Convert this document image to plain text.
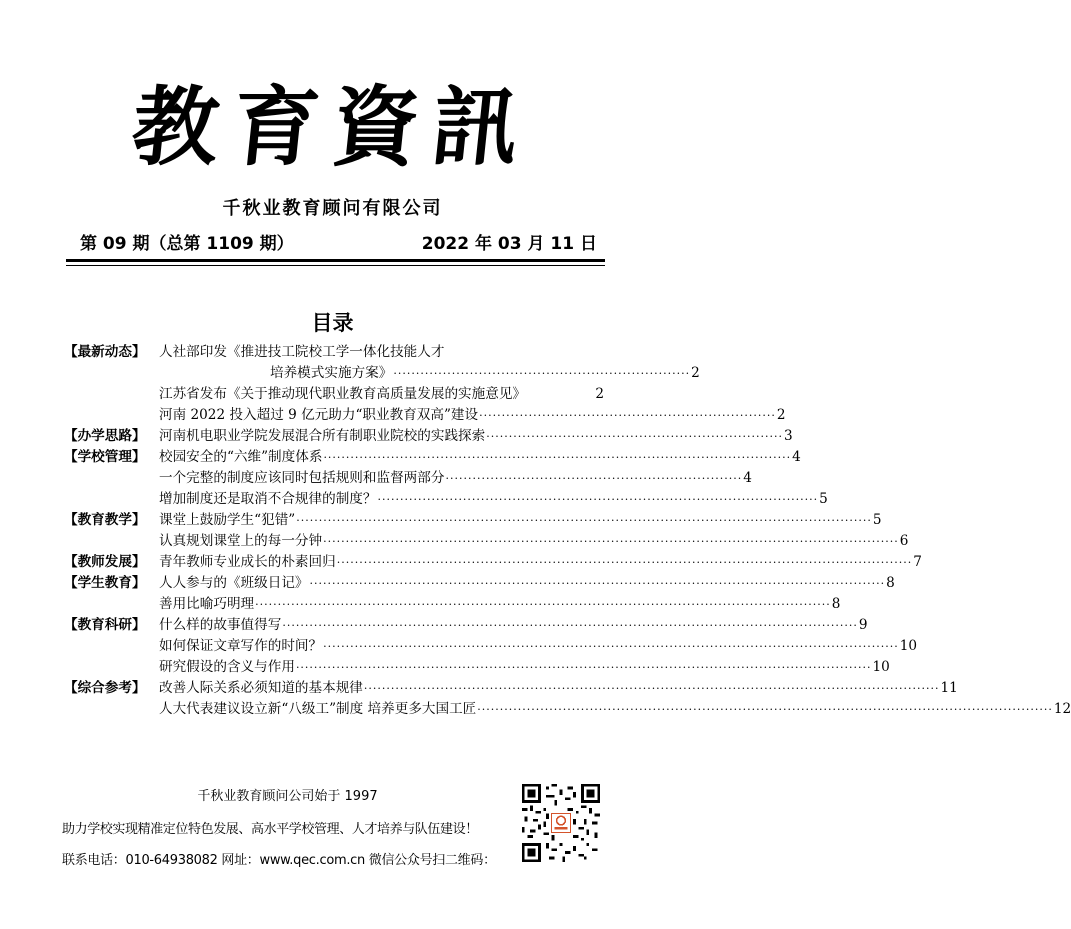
教育資訊
千秋业教育顾问有限公司
第 09 期（总第 1109 期）	2022 年 03 月 11 日
目录
【最新动态】 人社部印发《推进技工院校工学一体化技能人才
培养模式实施方案》 ·································································· 2
江苏省发布《关于推动现代职业教育高质量发展的实施意见》	2
河南 2022 投入超过 9 亿元助力“职业教育双高”建设 ·································································· 2
【办学思路】 河南机电职业学院发展混合所有制职业院校的实践探索 ·································································· 3
【学校管理】 校园安全的“六维”制度体系 ········································································································ 4
一个完整的制度应该同时包括规则和监督两部分 ·································································· 4
增加制度还是取消不合规律的制度？ ·································································································· 5
【教育教学】 课堂上鼓励学生“犯错” ································································································································ 5
认真规划课堂上的每一分钟 ································································································································ 6
【教师发展】 青年教师专业成长的朴素回归 ································································································································ 7
【学生教育】 人人参与的《班级日记》 ································································································································ 8
善用比喻巧明理 ································································································································ 8
【教育科研】 什么样的故事值得写 ································································································································ 9
如何保证文章写作的时间？ ································································································································ 10
研究假设的含义与作用 ································································································································ 10
【综合参考】 改善人际关系必须知道的基本规律 ································································································································ 11
人大代表建议设立新“八级工”制度 培养更多大国工匠 ································································································································ 12
千秋业教育顾问公司始于 1997
助力学校实现精准定位特色发展、高水平学校管理、人才培养与队伍建设！
联系电话：010-64938082 网址：www.qec.com.cn 微信公众号扫二维码：
